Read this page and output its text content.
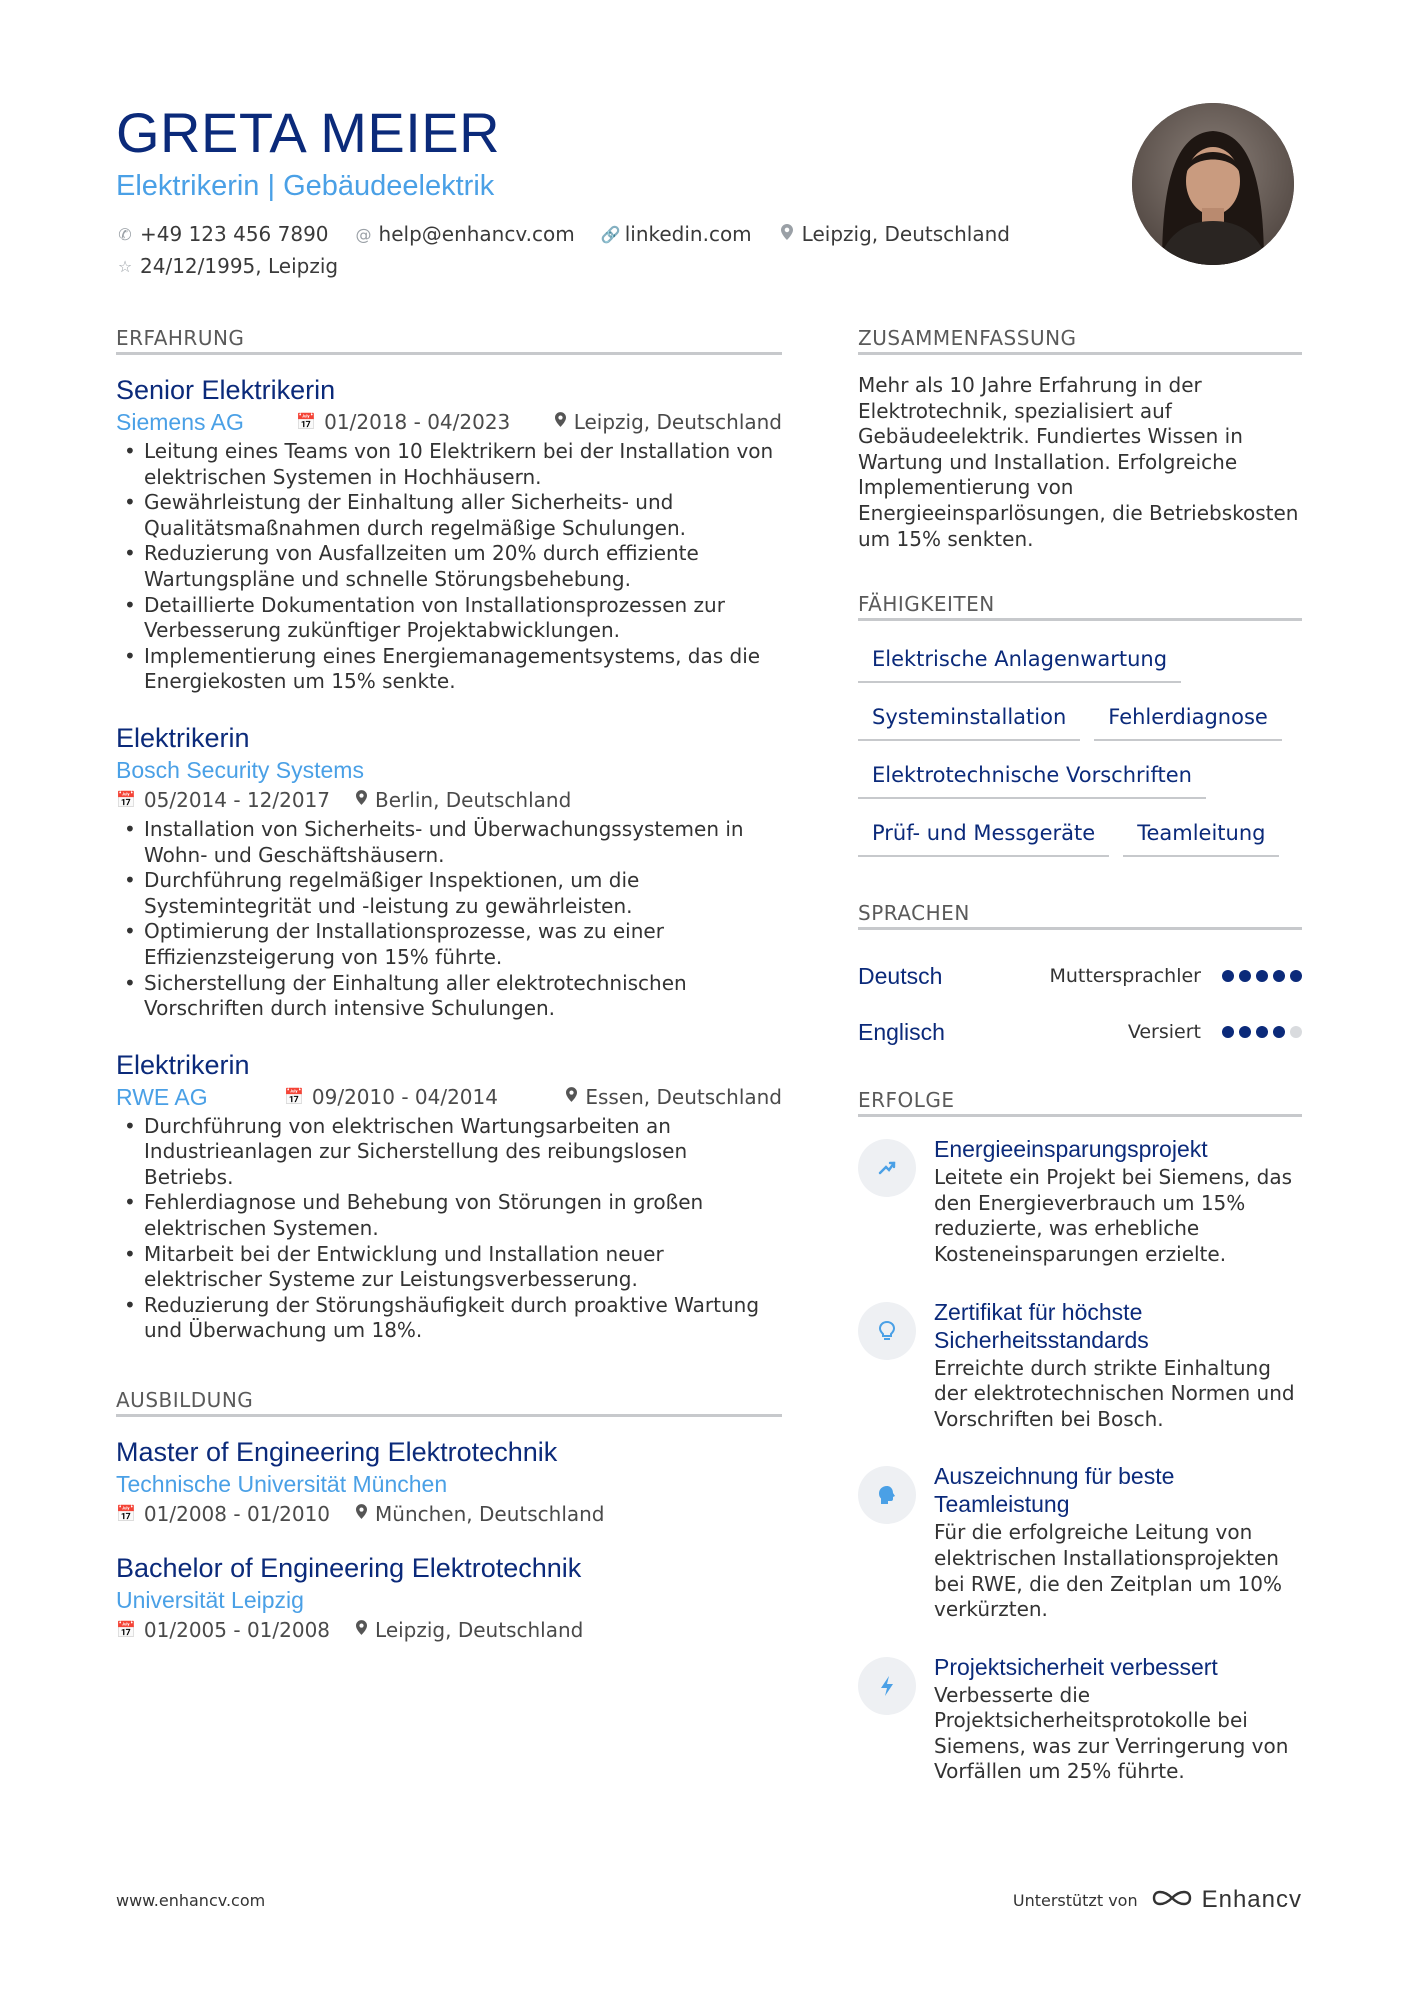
GRETA MEIER
Elektrikerin | Gebäudeelektrik
✆ +49 123 456 7890 @ help@enhancv.com 🔗 linkedin.com	Leipzig, Deutschland
☆ 24/12/1995, Leipzig
ERFAHRUNG
Senior Elektrikerin
Siemens AG	📅 01/2018 - 04/2023	Leipzig, Deutschland
• Leitung eines Teams von 10 Elektrikern bei der Installation von elektrischen Systemen in Hochhäusern.
• Gewährleistung der Einhaltung aller Sicherheits- und Qualitätsmaßnahmen durch regelmäßige Schulungen.
• Reduzierung von Ausfallzeiten um 20% durch effiziente Wartungspläne und schnelle Störungsbehebung.
• Detaillierte Dokumentation von Installationsprozessen zur Verbesserung zukünftiger Projektabwicklungen.
• Implementierung eines Energiemanagementsystems, das die Energiekosten um 15% senkte.
Elektrikerin
Bosch Security Systems
📅 05/2014 - 12/2017 Berlin, Deutschland
• Installation von Sicherheits- und Überwachungssystemen in Wohn- und Geschäftshäusern.
• Durchführung regelmäßiger Inspektionen, um die Systemintegrität und -leistung zu gewährleisten.
• Optimierung der Installationsprozesse, was zu einer Effizienzsteigerung von 15% führte.
• Sicherstellung der Einhaltung aller elektrotechnischen Vorschriften durch intensive Schulungen.
Elektrikerin
RWE AG	📅 09/2010 - 04/2014	Essen, Deutschland
• Durchführung von elektrischen Wartungsarbeiten an Industrieanlagen zur Sicherstellung des reibungslosen Betriebs.
• Fehlerdiagnose und Behebung von Störungen in großen elektrischen Systemen.
• Mitarbeit bei der Entwicklung und Installation neuer elektrischer Systeme zur Leistungsverbesserung.
• Reduzierung der Störungshäufigkeit durch proaktive Wartung und Überwachung um 18%.
AUSBILDUNG
Master of Engineering Elektrotechnik
Technische Universität München
📅 01/2008 - 01/2010 München, Deutschland
Bachelor of Engineering Elektrotechnik
Universität Leipzig
📅 01/2005 - 01/2008 Leipzig, Deutschland
ZUSAMMENFASSUNG
Mehr als 10 Jahre Erfahrung in der Elektrotechnik, spezialisiert auf Gebäudeelektrik. Fundiertes Wissen in Wartung und Installation. Erfolgreiche Implementierung von Energieeinsparlösungen, die Betriebskosten um 15% senkten.
FÄHIGKEITEN
Elektrische Anlagenwartung
Systeminstallation	Fehlerdiagnose
Elektrotechnische Vorschriften
Prüf- und Messgeräte	Teamleitung
SPRACHEN
Deutsch	Muttersprachler
Englisch	Versiert
ERFOLGE
Energieeinsparungsprojekt
Leitete ein Projekt bei Siemens, das den Energieverbrauch um 15% reduzierte, was erhebliche Kosteneinsparungen erzielte.
Zertifikat für höchste Sicherheitsstandards
Erreichte durch strikte Einhaltung der elektrotechnischen Normen und Vorschriften bei Bosch.
Auszeichnung für beste Teamleistung
Für die erfolgreiche Leitung von elektrischen Installationsprojekten bei RWE, die den Zeitplan um 10% verkürzten.
Projektsicherheit verbessert
Verbesserte die Projektsicherheitsprotokolle bei Siemens, was zur Verringerung von Vorfällen um 25% führte.
www.enhancv.com	Unterstützt von	Enhancv
